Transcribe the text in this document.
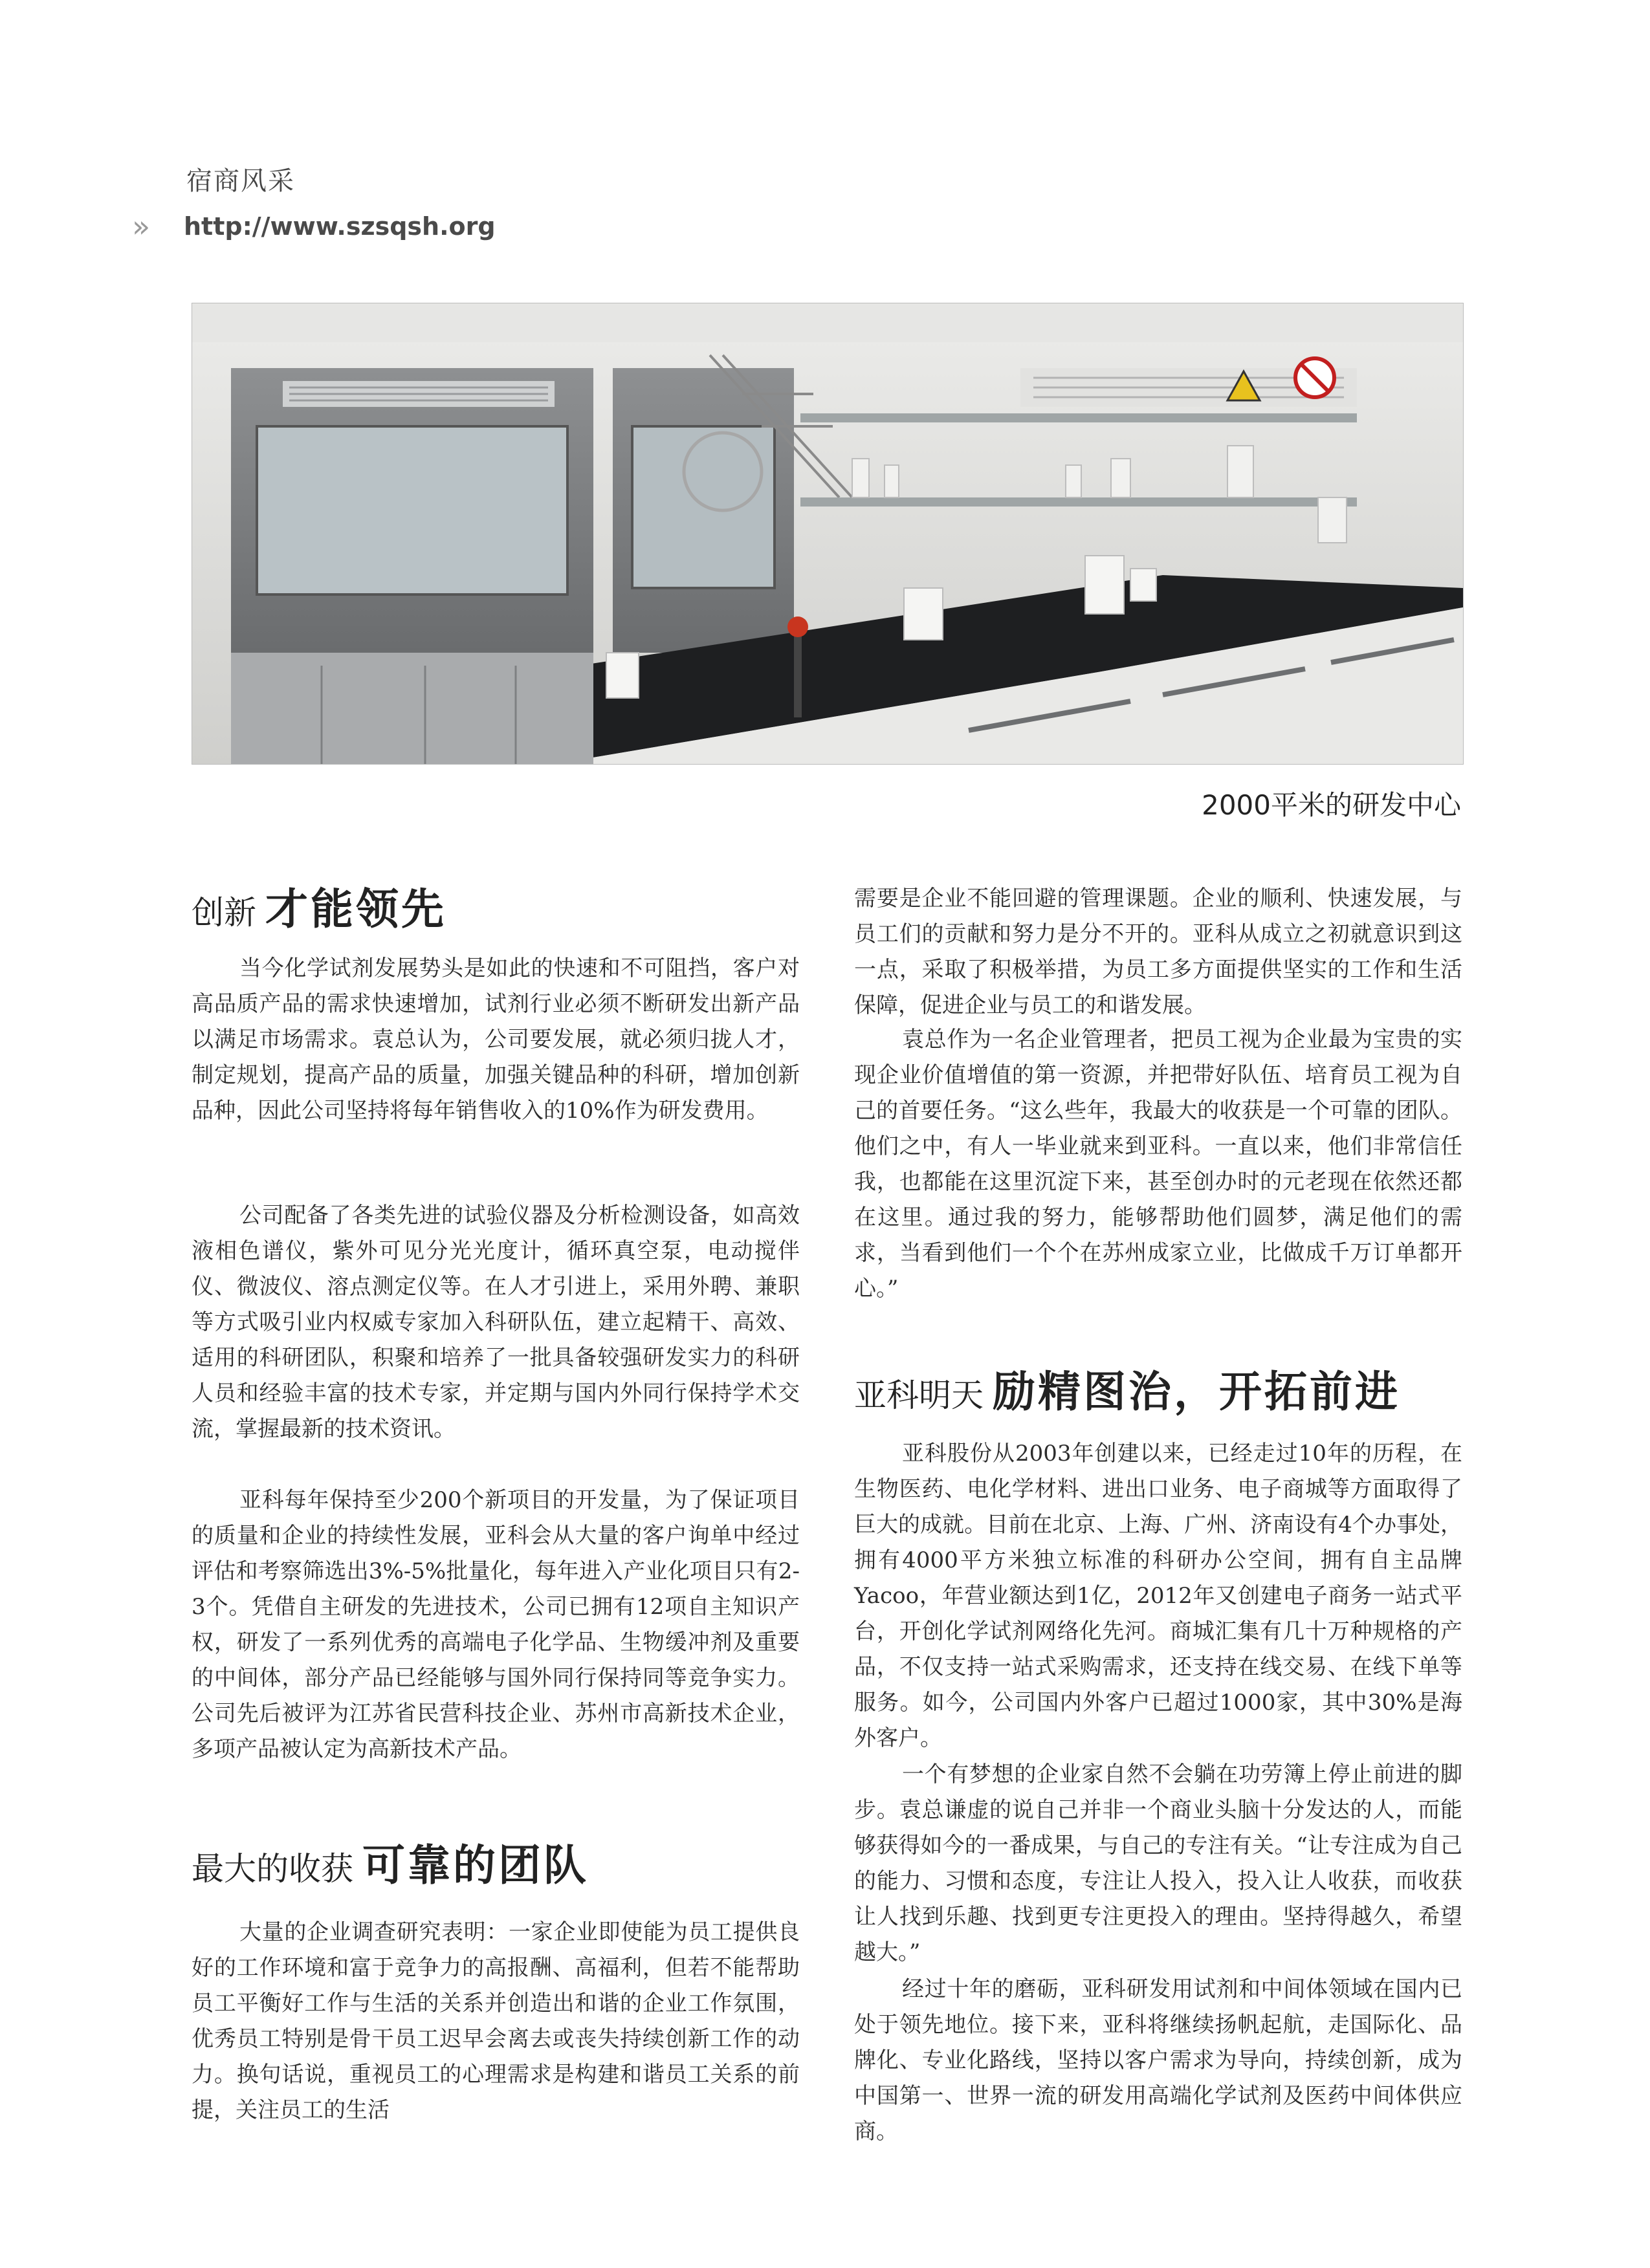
宿商风采
»	http://www.szsqsh.org
2000平米的研发中心
创新 才能领先

当今化学试剂发展势头是如此的快速和不可阻挡，客户对高品质产品的需求快速增加，试剂行业必须不断研发出新产品以满足市场需求。袁总认为，公司要发展，就必须归拢人才，制定规划，提高产品的质量，加强关键品种的科研，增加创新品种，因此公司坚持将每年销售收入的10%作为研发费用。

公司配备了各类先进的试验仪器及分析检测设备，如高效液相色谱仪，紫外可见分光光度计，循环真空泵，电动搅伴仪、微波仪、溶点测定仪等。在人才引进上，采用外聘、兼职等方式吸引业内权威专家加入科研队伍，建立起精干、高效、适用的科研团队，积聚和培养了一批具备较强研发实力的科研人员和经验丰富的技术专家，并定期与国内外同行保持学术交流，掌握最新的技术资讯。

亚科每年保持至少200个新项目的开发量，为了保证项目的质量和企业的持续性发展，亚科会从大量的客户询单中经过评估和考察筛选出3%-5%批量化，每年进入产业化项目只有2-3个。凭借自主研发的先进技术，公司已拥有12项自主知识产权，研发了一系列优秀的高端电子化学品、生物缓冲剂及重要的中间体，部分产品已经能够与国外同行保持同等竞争实力。公司先后被评为江苏省民营科技企业、苏州市高新技术企业，多项产品被认定为高新技术产品。

最大的收获 可靠的团队

大量的企业调查研究表明：一家企业即使能为员工提供良好的工作环境和富于竞争力的高报酬、高福利，但若不能帮助员工平衡好工作与生活的关系并创造出和谐的企业工作氛围，优秀员工特别是骨干员工迟早会离去或丧失持续创新工作的动力。换句话说，重视员工的心理需求是构建和谐员工关系的前提，关注员工的生活

需要是企业不能回避的管理课题。企业的顺利、快速发展，与员工们的贡献和努力是分不开的。亚科从成立之初就意识到这一点，采取了积极举措，为员工多方面提供坚实的工作和生活保障，促进企业与员工的和谐发展。

袁总作为一名企业管理者，把员工视为企业最为宝贵的实现企业价值增值的第一资源，并把带好队伍、培育员工视为自己的首要任务。“这么些年，我最大的收获是一个可靠的团队。他们之中，有人一毕业就来到亚科。一直以来，他们非常信任我，也都能在这里沉淀下来，甚至创办时的元老现在依然还都在这里。通过我的努力，能够帮助他们圆梦，满足他们的需求，当看到他们一个个在苏州成家立业，比做成千万订单都开心。”

亚科明天 励精图治，开拓前进

亚科股份从2003年创建以来，已经走过10年的历程，在生物医药、电化学材料、进出口业务、电子商城等方面取得了巨大的成就。目前在北京、上海、广州、济南设有4个办事处，拥有4000平方米独立标准的科研办公空间，拥有自主品牌Yacoo，年营业额达到1亿，2012年又创建电子商务一站式平台，开创化学试剂网络化先河。商城汇集有几十万种规格的产品，不仅支持一站式采购需求，还支持在线交易、在线下单等服务。如今，公司国内外客户已超过1000家，其中30%是海外客户。

一个有梦想的企业家自然不会躺在功劳簿上停止前进的脚步。袁总谦虚的说自己并非一个商业头脑十分发达的人，而能够获得如今的一番成果，与自己的专注有关。“让专注成为自己的能力、习惯和态度，专注让人投入，投入让人收获，而收获让人找到乐趣、找到更专注更投入的理由。坚持得越久，希望越大。”

经过十年的磨砺，亚科研发用试剂和中间体领域在国内已处于领先地位。接下来，亚科将继续扬帆起航，走国际化、品牌化、专业化路线，坚持以客户需求为导向，持续创新，成为中国第一、世界一流的研发用高端化学试剂及医药中间体供应商。
